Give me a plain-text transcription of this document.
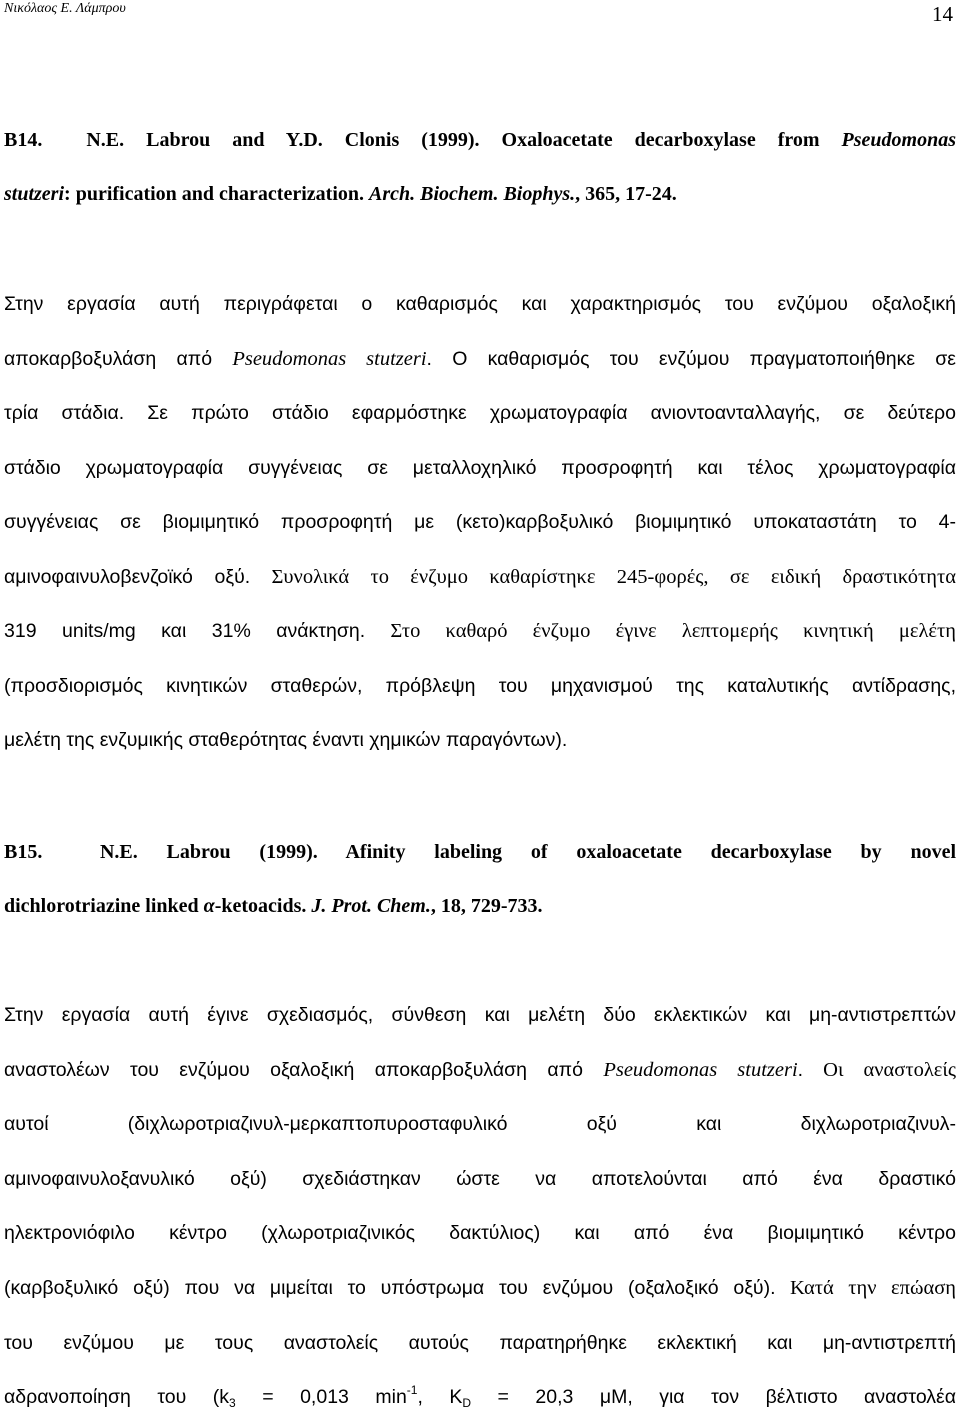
Νικόλαος Ε. Λάμπρου	14
B14. N.E. Labrou and Y.D. Clonis (1999). Oxaloacetate decarboxylase from Pseudomonas
Στην εργασία αυτή περιγράφεται ο καθαρισμός και χαρακτηρισμός του ενζύμου οξαλοξική
αποκαρβοξυλάση από Pseudomonas stutzeri. Ο καθαρισμός του ενζύμου πραγματοποιήθηκε σε
τρία στάδια. Σε πρώτο στάδιο εφαρμόστηκε χρωματογραφία ανιοντοανταλλαγής, σε δεύτερο
στάδιο χρωματογραφία συγγένειας σε μεταλλοχηλικό προσροφητή και τέλος χρωματογραφία
συγγένειας σε βιομιμητικό προσροφητή με (κετο)καρβοξυλικό βιομιμητικό υποκαταστάτη το 4-
αμινοφαινυλοβενζοϊκό οξύ. Συνολικά το ένζυμο καθαρίστηκε 245-φορές, σε ειδική δραστικότητα
319 units/mg και 31% ανάκτηση. Στο καθαρό ένζυμο έγινε λεπτομερής κινητική μελέτη
(προσδιορισμός κινητικών σταθερών, πρόβλεψη του μηχανισμού της καταλυτικής αντίδρασης,
μελέτη της ενζυμικής σταθερότητας έναντι χημικών παραγόντων).
B15.	N.E. Labrou (1999). Afinity labeling of oxaloacetate decarboxylase by novel
dichlorotriazine linked α-ketoacids. J. Prot. Chem., 18, 729-733.
Στην εργασία αυτή έγινε σχεδιασμός, σύνθεση και μελέτη δύο εκλεκτικών και μη-αντιστρεπτών
αναστολέων του ενζύμου οξαλοξική αποκαρβοξυλάση από Pseudomonas stutzeri. Οι αναστολείς
αυτοί (διχλωροτριαζινυλ-μερκαπτοπυροσταφυλικό οξύ και διχλωροτριαζινυλ-
αμινοφαινυλοξανυλικό οξύ) σχεδιάστηκαν ώστε να αποτελούνται από ένα δραστικό
ηλεκτρονιόφιλο κέντρο (χλωροτριαζινικός δακτύλιος) και από ένα βιομιμητικό κέντρο
(καρβοξυλικό οξύ) που να μιμείται το υπόστρωμα του ενζύμου (οξαλοξικό οξύ). Κατά την επώαση
του ενζύμου με τους αναστολείς αυτούς παρατηρήθηκε εκλεκτική και μη-αντιστρεπτή
αδρανοποίηση του ($k_3 = 0,013$ $\min^{-1}$, $K_D = 20,3$ μM, για τον βέλτιστο αναστολέα
stutzeri: purification and characterization. Arch. Biochem. Biophys., 365, 17-24.
